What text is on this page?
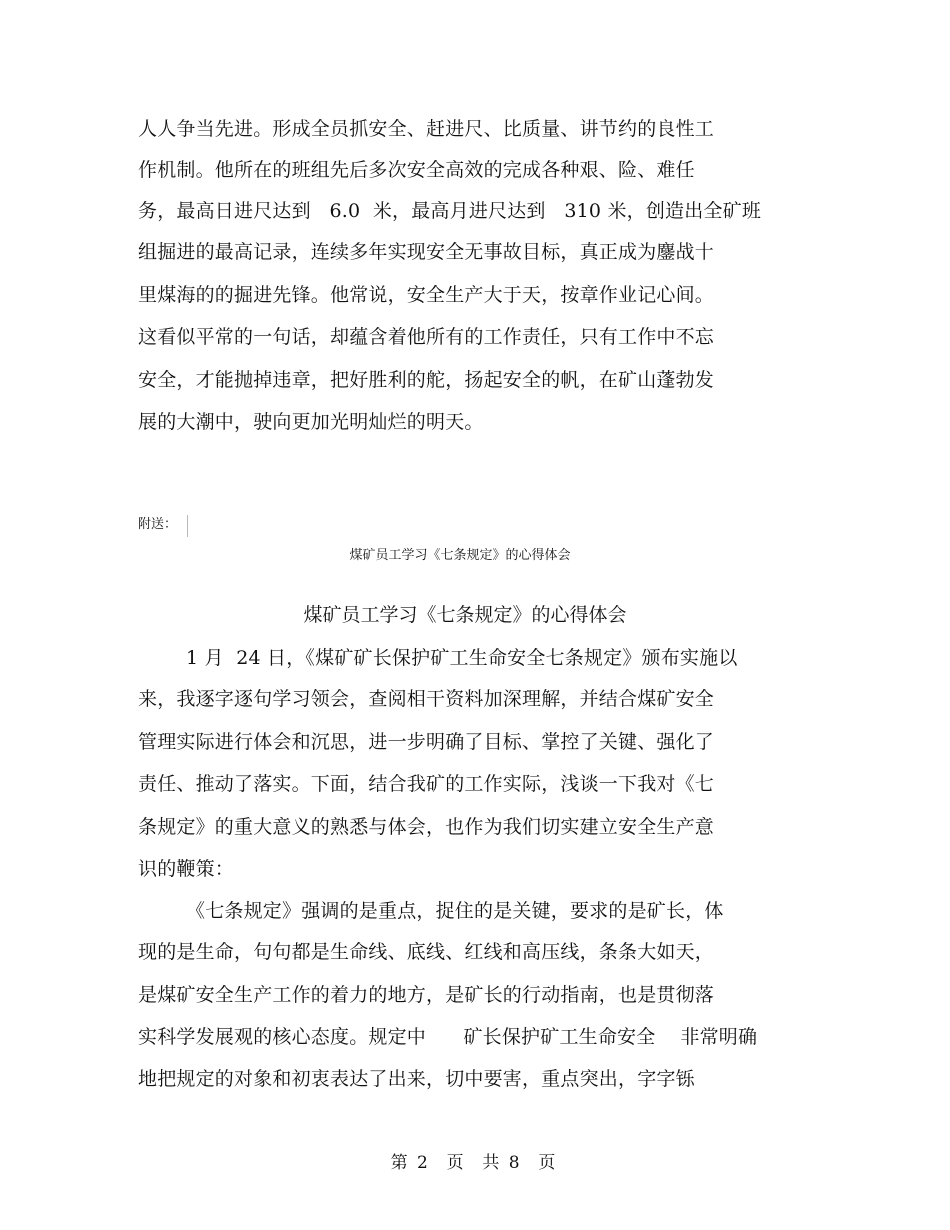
人人争当先进。形成全员抓安全、赶进尺、比质量、讲节约的良性工
作机制。他所在的班组先后多次安全高效的完成各种艰、险、难任
务，最高日进尺达到   6.0  米，最高月进尺达到   310 米，创造出全矿班
组掘进的最高记录，连续多年实现安全无事故目标，真正成为鏖战十
里煤海的的掘进先锋。他常说，安全生产大于天，按章作业记心间。
这看似平常的一句话，却蕴含着他所有的工作责任，只有工作中不忘
安全，才能抛掉违章，把好胜利的舵，扬起安全的帆，在矿山蓬勃发
展的大潮中，驶向更加光明灿烂的明天。
附送：
煤矿员工学习《七条规定》的心得体会
煤矿员工学习《七条规定》的心得体会
1 月  24 日，《煤矿矿长保护矿工生命安全七条规定》颁布实施以
来，我逐字逐句学习领会，查阅相干资料加深理解，并结合煤矿安全
管理实际进行体会和沉思，进一步明确了目标、掌控了关键、强化了
责任、推动了落实。下面，结合我矿的工作实际，浅谈一下我对《七
条规定》的重大意义的熟悉与体会，也作为我们切实建立安全生产意
识的鞭策：
《七条规定》强调的是重点，捉住的是关键，要求的是矿长，体
现的是生命，句句都是生命线、底线、红线和高压线，条条大如天，
是煤矿安全生产工作的着力的地方，是矿长的行动指南，也是贯彻落
实科学发展观的核心态度。规定中      矿长保护矿工生命安全    非常明确
地把规定的对象和初衷表达了出来，切中要害，重点突出，字字铄
第 2  页  共 8  页
